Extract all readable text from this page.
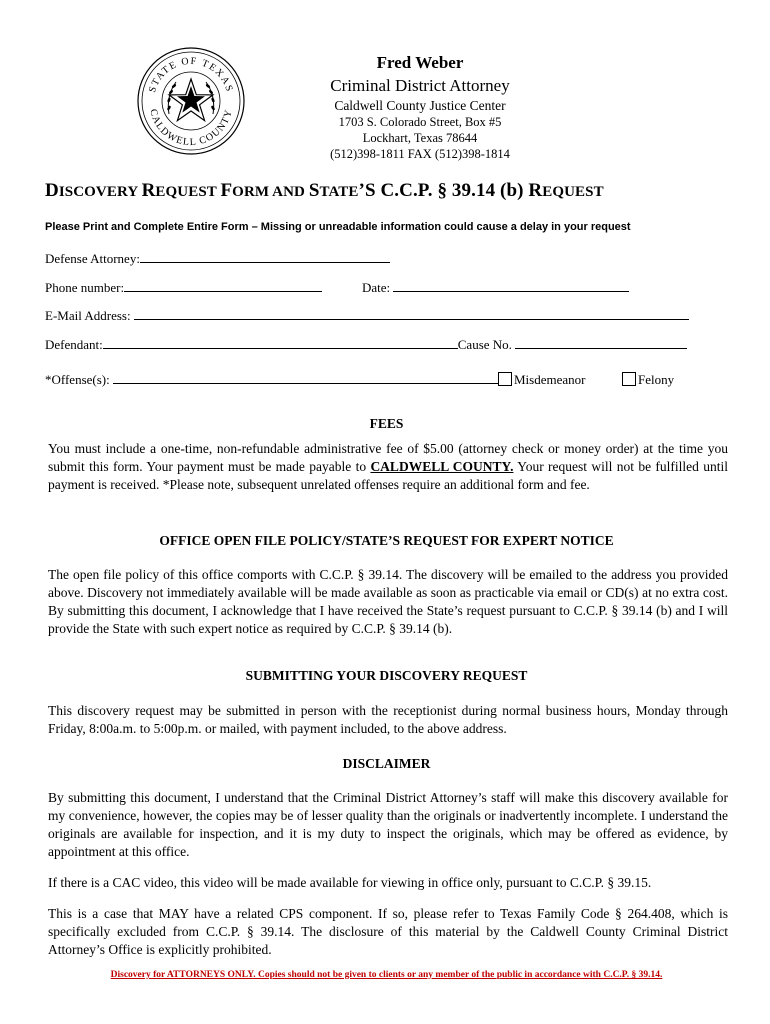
STATE OF TEXAS
CALDWELL COUNTY
Fred Weber
Criminal District Attorney
Caldwell County Justice Center
1703 S. Colorado Street, Box #5
Lockhart, Texas 78644
(512)398-1811 FAX (512)398-1814
DISCOVERY REQUEST FORM AND STATE’S C.C.P. § 39.14 (b) REQUEST
Please Print and Complete Entire Form – Missing or unreadable information could cause a delay in your request
Defense Attorney:
Phone number:	Date:
E-Mail Address:
Defendant:	Cause No.
*Offense(s):	Misdemeanor	Felony
FEES

You must include a one-time, non-refundable administrative fee of $5.00 (attorney check or money order) at the time you submit this form. Your payment must be made payable to CALDWELL COUNTY. Your request will not be fulfilled until payment is received. *Please note, subsequent unrelated offenses require an additional form and fee.

OFFICE OPEN FILE POLICY/STATE’S REQUEST FOR EXPERT NOTICE

The open file policy of this office comports with C.C.P. § 39.14. The discovery will be emailed to the address you provided above. Discovery not immediately available will be made available as soon as practicable via email or CD(s) at no extra cost. By submitting this document, I acknowledge that I have received the State’s request pursuant to C.C.P. § 39.14 (b) and I will provide the State with such expert notice as required by C.C.P. § 39.14 (b).

SUBMITTING YOUR DISCOVERY REQUEST

This discovery request may be submitted in person with the receptionist during normal business hours, Monday through Friday, 8:00a.m. to 5:00p.m. or mailed, with payment included, to the above address.

DISCLAIMER

By submitting this document, I understand that the Criminal District Attorney’s staff will make this discovery available for my convenience, however, the copies may be of lesser quality than the originals or inadvertently incomplete. I understand the originals are available for inspection, and it is my duty to inspect the originals, which may be offered as evidence, by appointment at this office.

If there is a CAC video, this video will be made available for viewing in office only, pursuant to C.C.P. § 39.15.

This is a case that MAY have a related CPS component. If so, please refer to Texas Family Code § 264.408, which is specifically excluded from C.C.P. § 39.14. The disclosure of this material by the Caldwell County Criminal District Attorney’s Office is explicitly prohibited.

Discovery for ATTORNEYS ONLY. Copies should not be given to clients or any member of the public in accordance with C.C.P. § 39.14.
